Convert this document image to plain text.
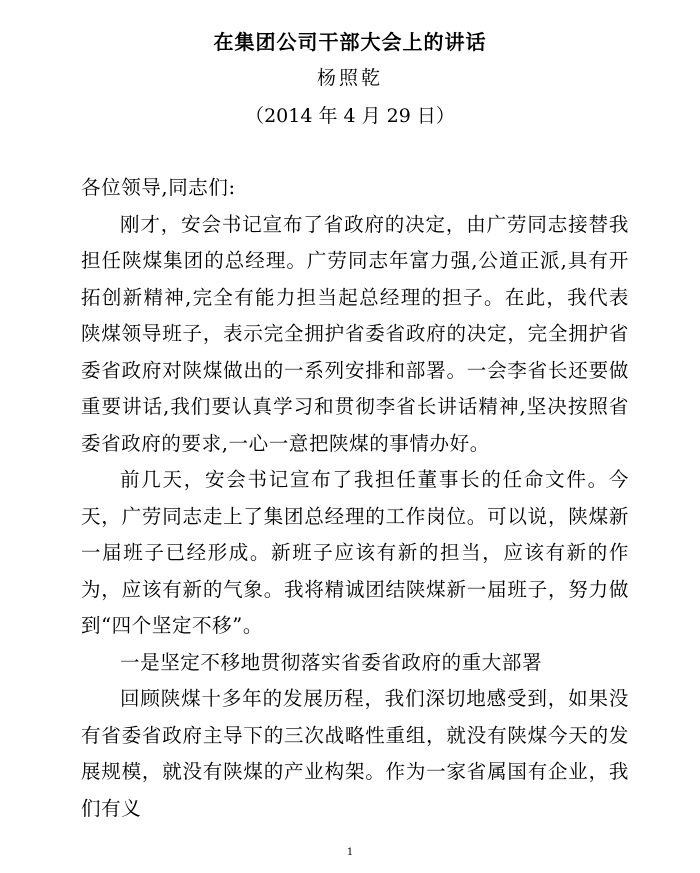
在集团公司干部大会上的讲话
杨照乾
（2014 年 4 月 29 日）

各位领导,同志们:

刚才，安会书记宣布了省政府的决定，由广劳同志接替我担任陕煤集团的总经理。广劳同志年富力强,公道正派,具有开拓创新精神,完全有能力担当起总经理的担子。在此，我代表陕煤领导班子，表示完全拥护省委省政府的决定，完全拥护省委省政府对陕煤做出的一系列安排和部署。一会李省长还要做重要讲话,我们要认真学习和贯彻李省长讲话精神,坚决按照省委省政府的要求,一心一意把陕煤的事情办好。

前几天，安会书记宣布了我担任董事长的任命文件。今天，广劳同志走上了集团总经理的工作岗位。可以说，陕煤新一届班子已经形成。新班子应该有新的担当，应该有新的作为，应该有新的气象。我将精诚团结陕煤新一届班子，努力做到“四个坚定不移”。

一是坚定不移地贯彻落实省委省政府的重大部署

回顾陕煤十多年的发展历程，我们深切地感受到，如果没有省委省政府主导下的三次战略性重组，就没有陕煤今天的发展规模，就没有陕煤的产业构架。作为一家省属国有企业，我们有义

1
